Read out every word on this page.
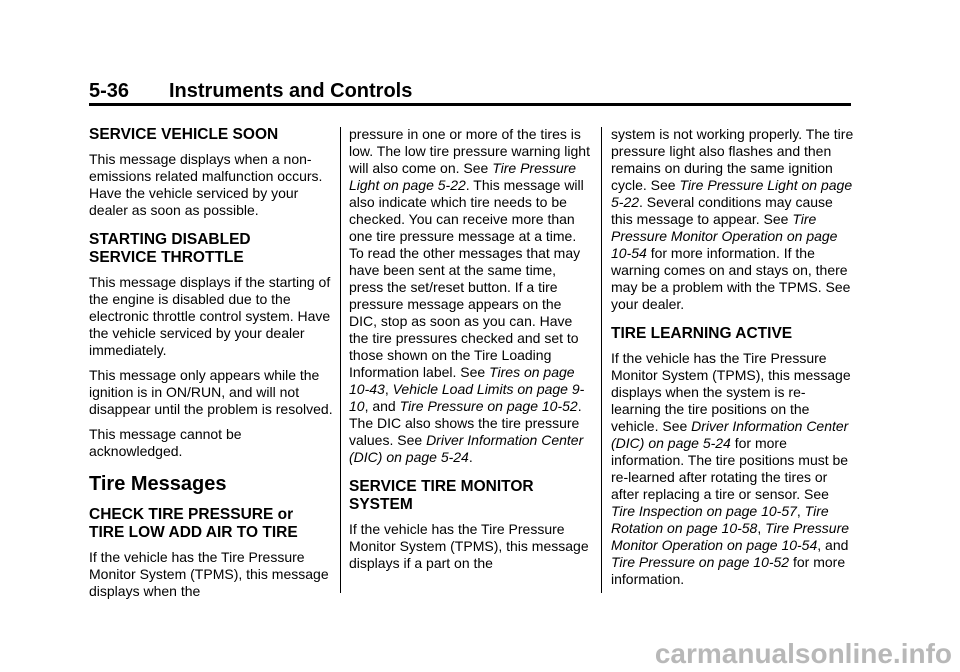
5-36 Instruments and Controls
SERVICE VEHICLE SOON

This message displays when a non-emissions related malfunction occurs. Have the vehicle serviced by your dealer as soon as possible.

STARTING DISABLED
SERVICE THROTTLE

This message displays if the starting of the engine is disabled due to the electronic throttle control system. Have the vehicle serviced by your dealer immediately.

This message only appears while the ignition is in ON/RUN, and will not disappear until the problem is resolved.

This message cannot be acknowledged.

Tire Messages
CHECK TIRE PRESSURE or
TIRE LOW ADD AIR TO TIRE

If the vehicle has the Tire Pressure Monitor System (TPMS), this message displays when the

pressure in one or more of the tires is low. The low tire pressure warning light will also come on. See Tire Pressure Light on page 5-22. This message will also indicate which tire needs to be checked. You can receive more than one tire pressure message at a time. To read the other messages that may have been sent at the same time, press the set/reset button. If a tire pressure message appears on the DIC, stop as soon as you can. Have the tire pressures checked and set to those shown on the Tire Loading Information label. See Tires on page 10-43, Vehicle Load Limits on page 9-10, and Tire Pressure on page 10-52. The DIC also shows the tire pressure values. See Driver Information Center (DIC) on page 5-24.

SERVICE TIRE MONITOR
SYSTEM

If the vehicle has the Tire Pressure Monitor System (TPMS), this message displays if a part on the

system is not working properly. The tire pressure light also flashes and then remains on during the same ignition cycle. See Tire Pressure Light on page 5-22. Several conditions may cause this message to appear. See Tire Pressure Monitor Operation on page 10-54 for more information. If the warning comes on and stays on, there may be a problem with the TPMS. See your dealer.

TIRE LEARNING ACTIVE

If the vehicle has the Tire Pressure Monitor System (TPMS), this message displays when the system is re-learning the tire positions on the vehicle. See Driver Information Center (DIC) on page 5-24 for more information. The tire positions must be re-learned after rotating the tires or after replacing a tire or sensor. See Tire Inspection on page 10-57, Tire Rotation on page 10-58, Tire Pressure Monitor Operation on page 10-54, and Tire Pressure on page 10-52 for more information.

carmanualsonline.info
